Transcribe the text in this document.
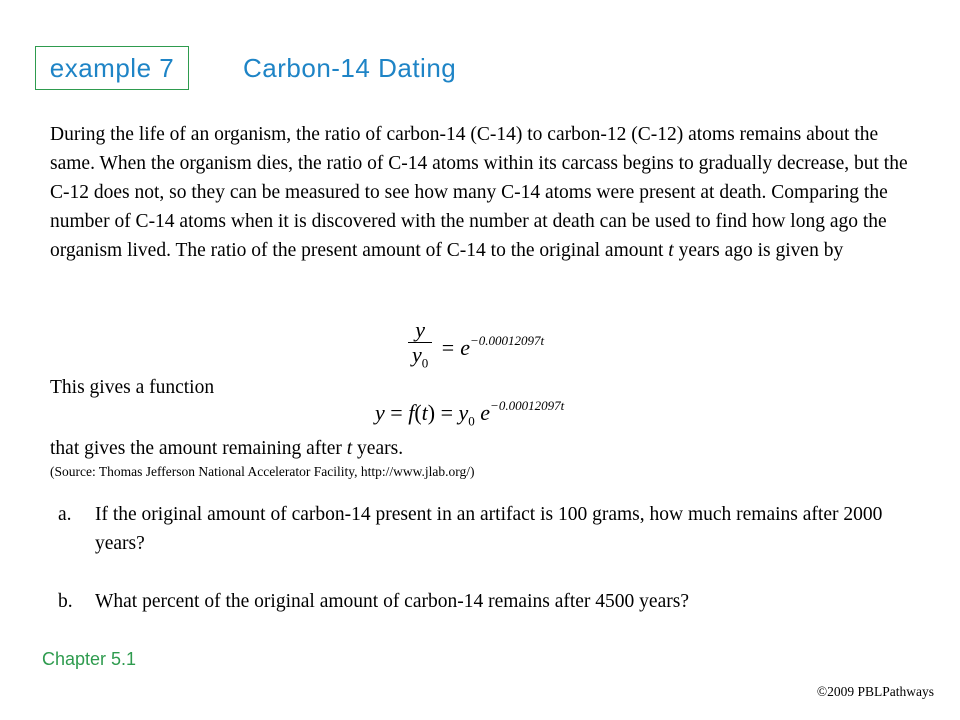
example 7	Carbon-14 Dating
During the life of an organism, the ratio of carbon-14 (C-14) to carbon-12 (C-12) atoms remains about the same. When the organism dies, the ratio of C-14 atoms within its carcass begins to gradually decrease, but the C-12 does not, so they can be measured to see how many C-14 atoms were present at death. Comparing the number of C-14 atoms when it is discovered with the number at death can be used to find how long ago the organism lived. The ratio of the present amount of C-14 to the original amount t years ago is given by
$\frac{y}{y_0} = e^{-0.00012097t}$
This gives a function
$y = f(t) = y_0$ $e^{-0.00012097t}$
that gives the amount remaining after t years.
(Source: Thomas Jefferson National Accelerator Facility, http://www.jlab.org/)
a.	If the original amount of carbon-14 present in an artifact is 100 grams, how much remains after 2000 years?
b.	What percent of the original amount of carbon-14 remains after 4500 years?
Chapter 5.1
©2009 PBLPathways
